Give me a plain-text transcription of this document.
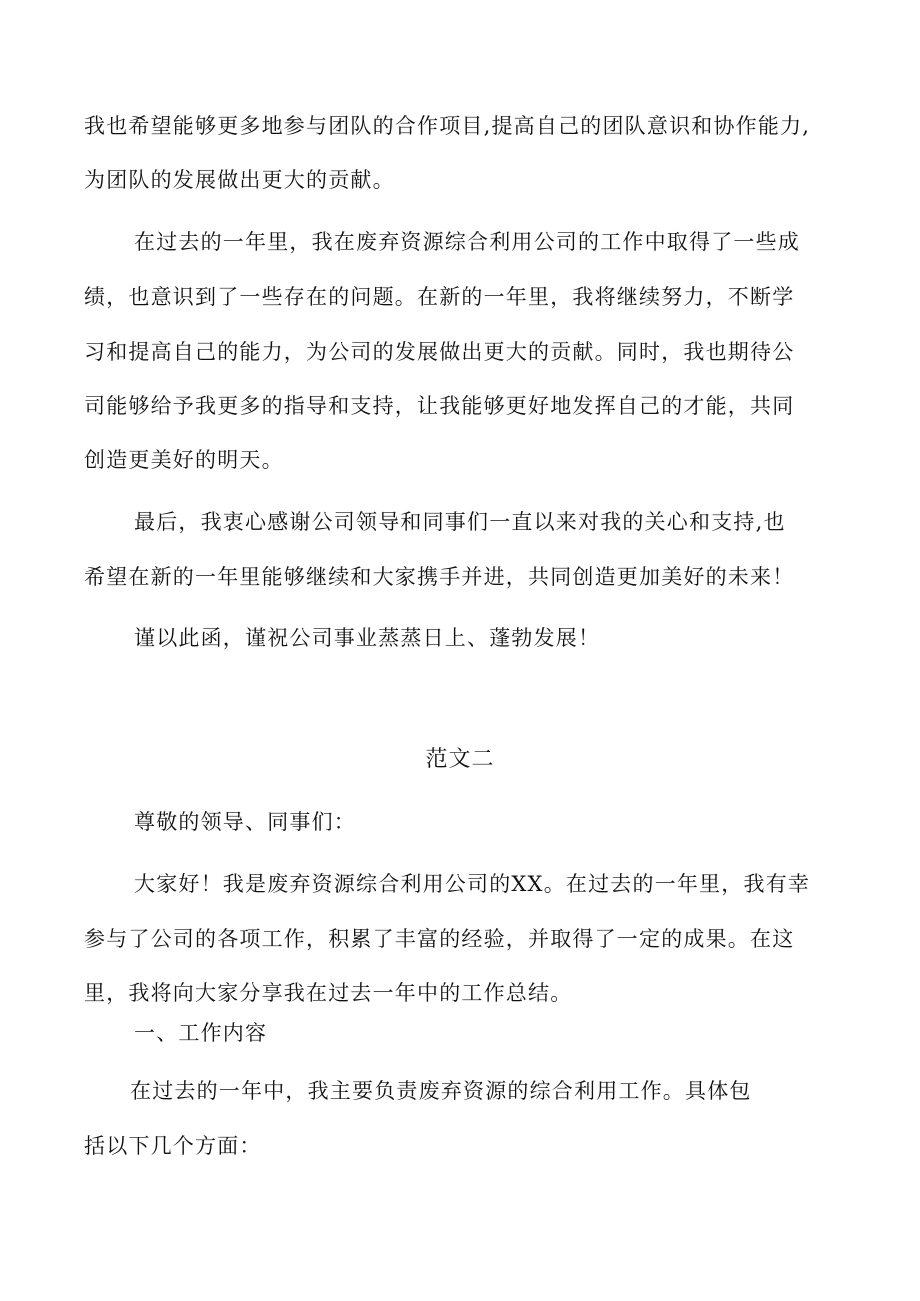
我也希望能够更多地参与团队的合作项目,提高自己的团队意识和协作能力,
为团队的发展做出更大的贡献。
在过去的一年里，我在废弃资源综合利用公司的工作中取得了一些成
绩，也意识到了一些存在的问题。在新的一年里，我将继续努力，不断学
习和提高自己的能力，为公司的发展做出更大的贡献。同时，我也期待公
司能够给予我更多的指导和支持，让我能够更好地发挥自己的才能，共同
创造更美好的明天。
最后，我衷心感谢公司领导和同事们一直以来对我的关心和支持,也
希望在新的一年里能够继续和大家携手并进，共同创造更加美好的未来！
谨以此函，谨祝公司事业蒸蒸日上、蓬勃发展！
范文二
尊敬的领导、同事们：
大家好！我是废弃资源综合利用公司的XX。在过去的一年里，我有幸
参与了公司的各项工作，积累了丰富的经验，并取得了一定的成果。在这
里，我将向大家分享我在过去一年中的工作总结。
一、工作内容
在过去的一年中，我主要负责废弃资源的综合利用工作。具体包
括以下几个方面：
